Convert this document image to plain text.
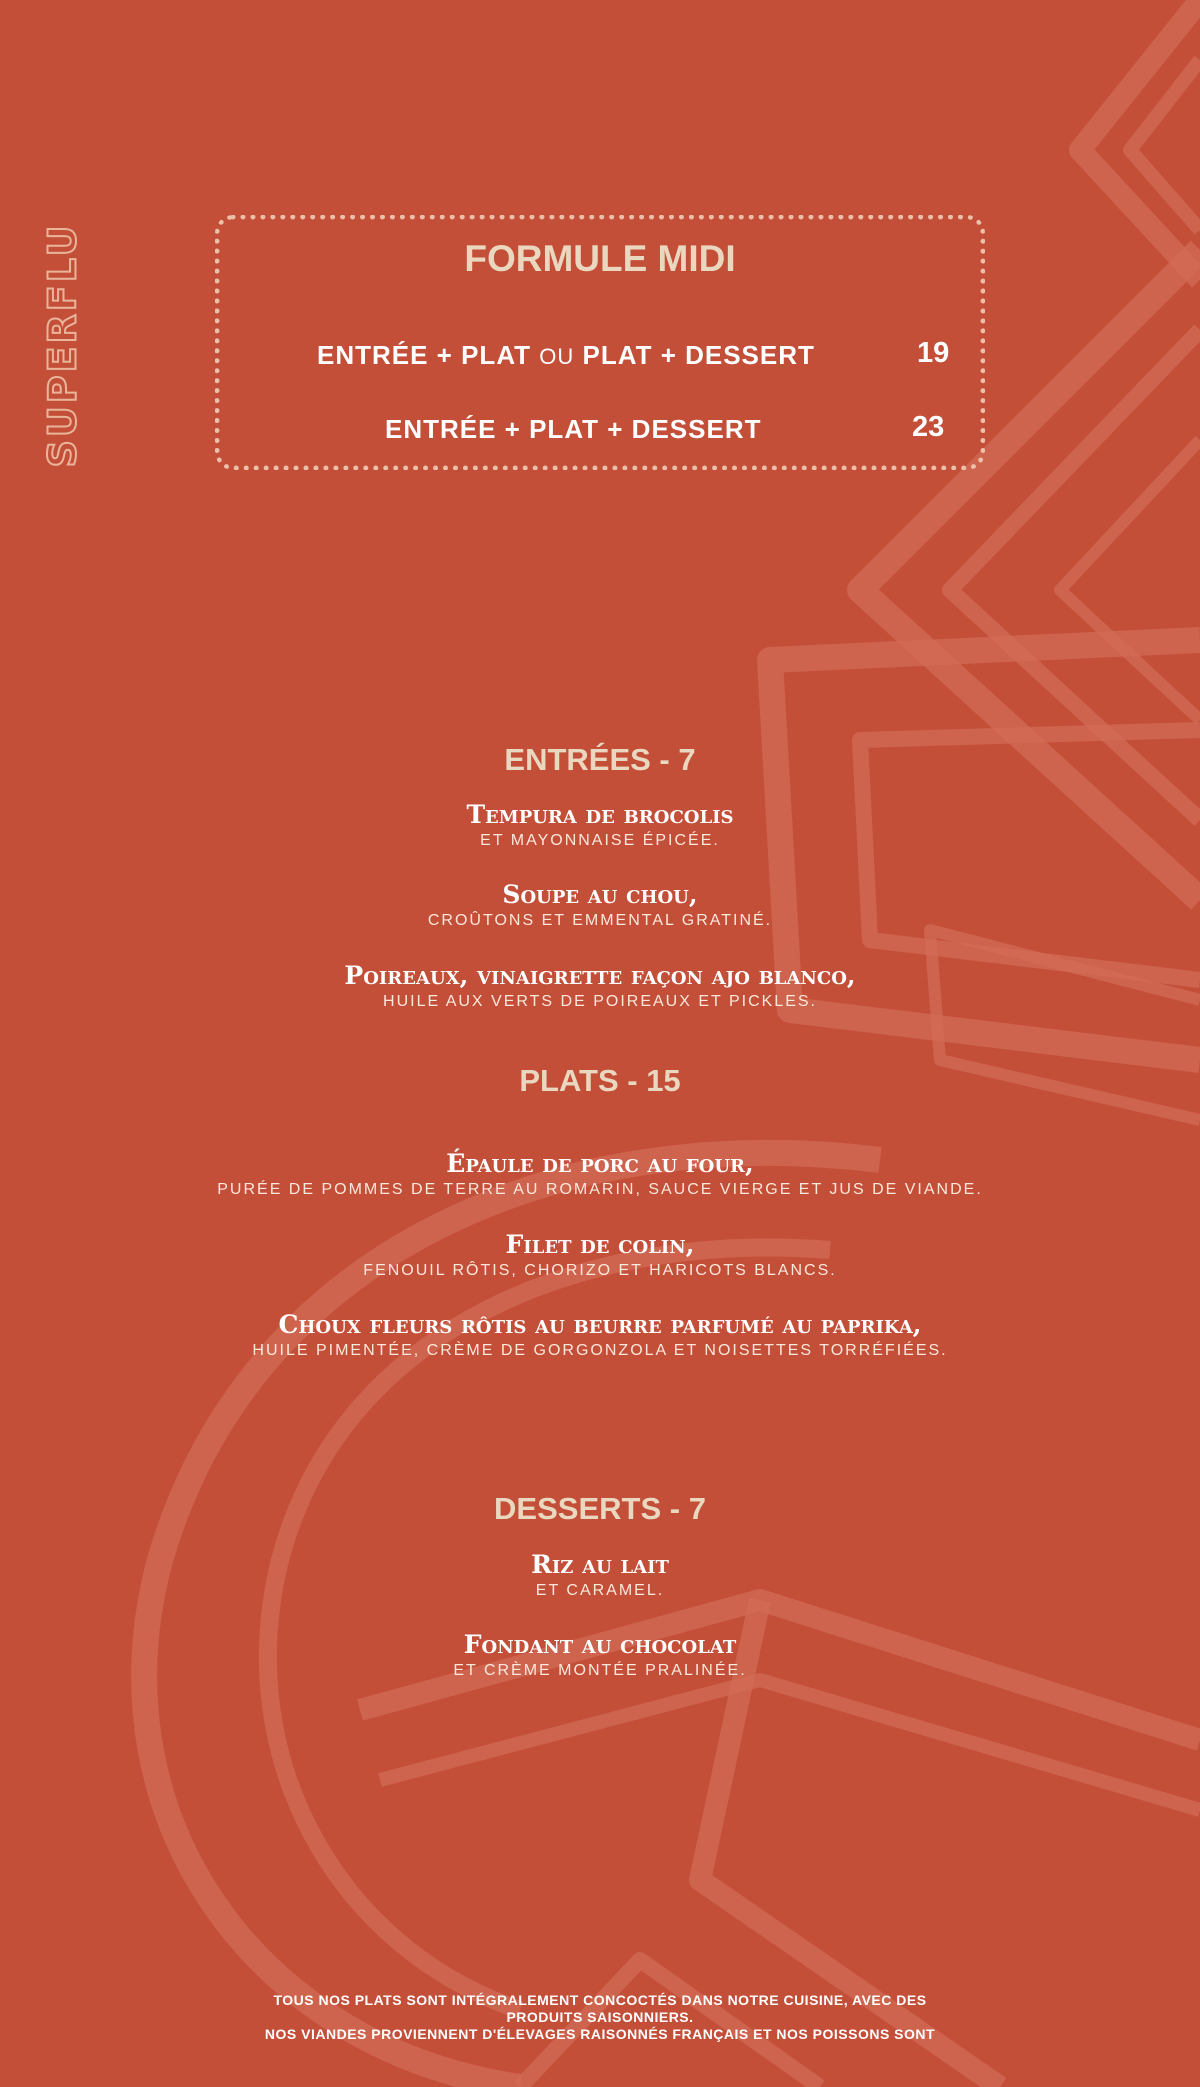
SUPERFLU	FORMULE MIDI
ENTRÉE + PLAT OU PLAT + DESSERT	19
ENTRÉE + PLAT + DESSERT	23
ENTRÉES - 7
Tempura de brocolis
ET MAYONNAISE ÉPICÉE.
Soupe au chou,
CROÛTONS ET EMMENTAL GRATINÉ.
Poireaux, vinaigrette façon ajo blanco,
HUILE AUX VERTS DE POIREAUX ET PICKLES.
PLATS - 15
Épaule de porc au four,
PURÉE DE POMMES DE TERRE AU ROMARIN, SAUCE VIERGE ET JUS DE VIANDE.
Filet de colin,
FENOUIL RÔTIS, CHORIZO ET HARICOTS BLANCS.
Choux fleurs rôtis au beurre parfumé au paprika,
HUILE PIMENTÉE, CRÈME DE GORGONZOLA ET NOISETTES TORRÉFIÉES.
DESSERTS - 7
Riz au lait
ET CARAMEL.
Fondant au chocolat
ET CRÈME MONTÉE PRALINÉE.
TOUS NOS PLATS SONT INTÉGRALEMENT CONCOCTÉS DANS NOTRE CUISINE, AVEC DES
PRODUITS SAISONNIERS.
NOS VIANDES PROVIENNENT D'ÉLEVAGES RAISONNÉS FRANÇAIS ET NOS POISSONS SONT
